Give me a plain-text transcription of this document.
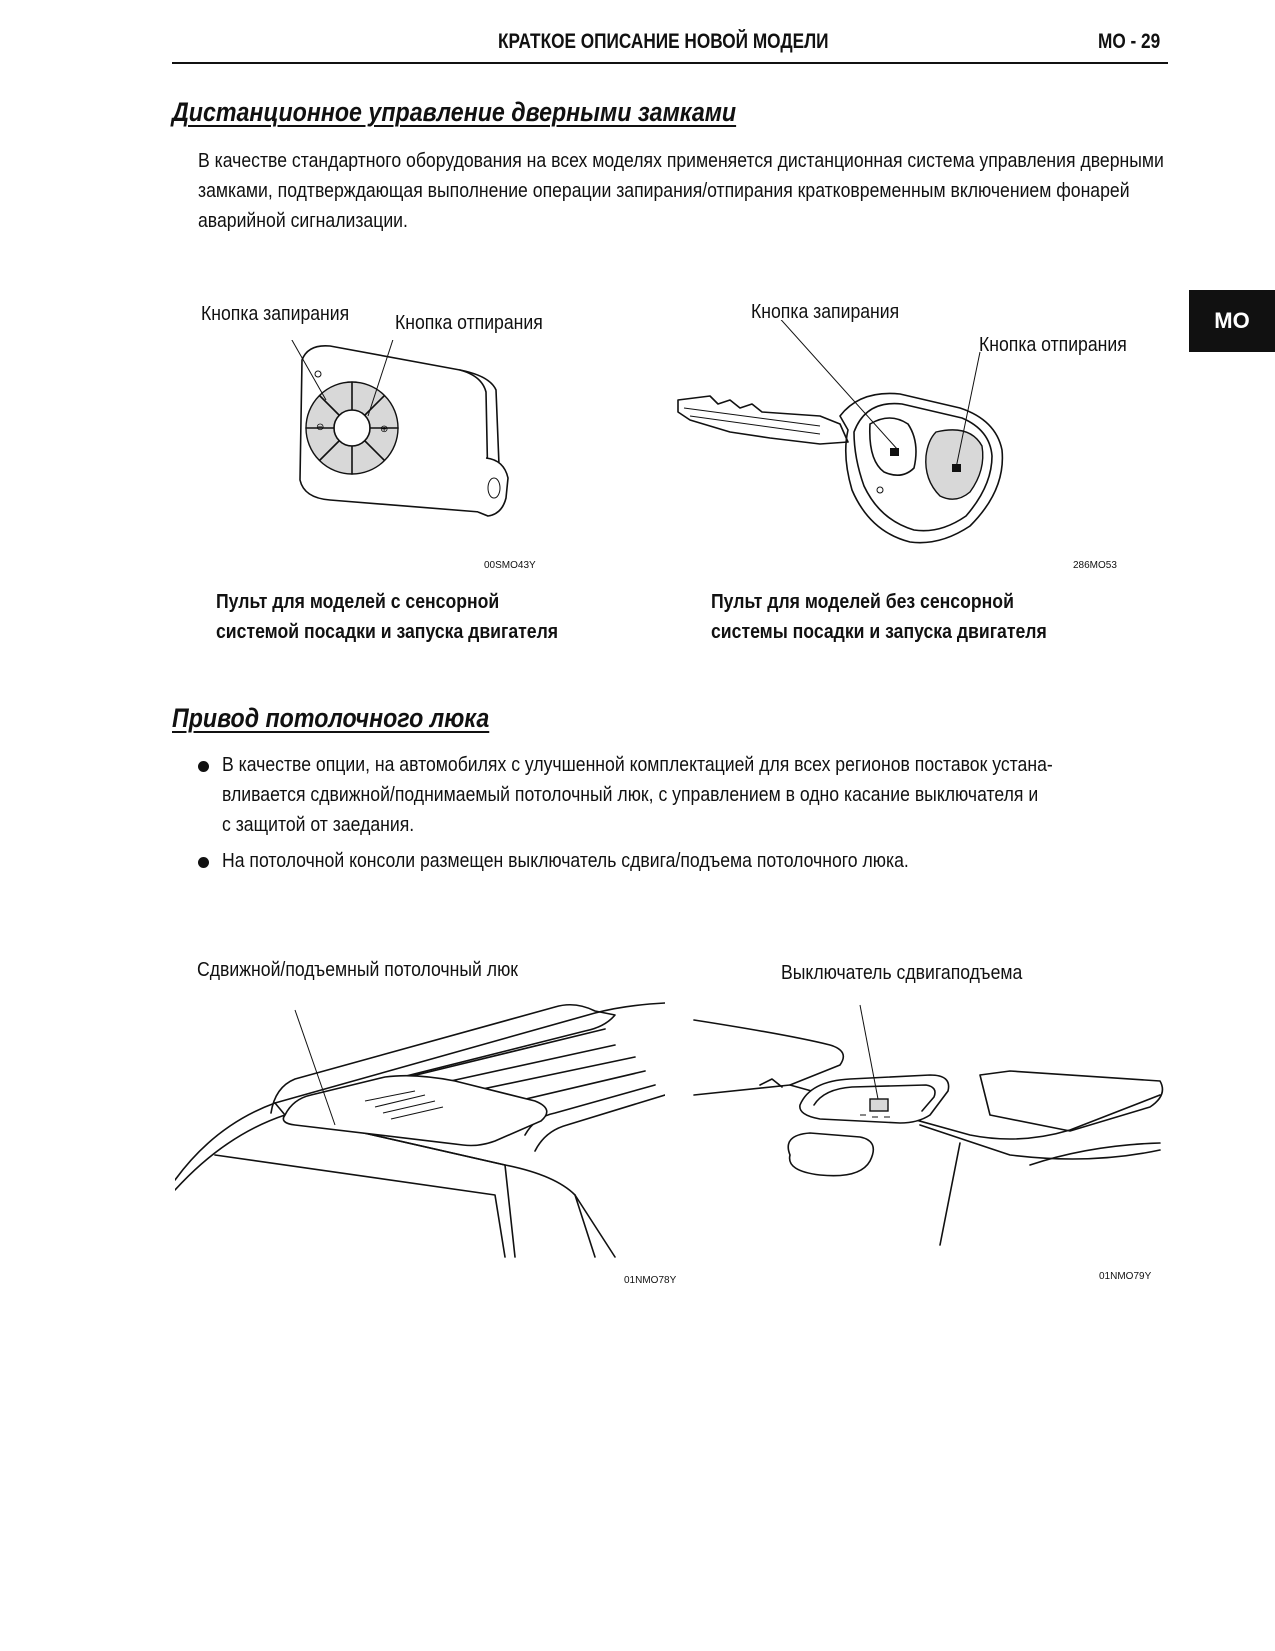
КРАТКОЕ ОПИСАНИЕ НОВОЙ МОДЕЛИ	MO - 29
MO
Дистанционное управление дверными замками
В качестве стандартного оборудования на всех моделях применяется дистанционная система управления дверными замками, подтверждающая выполнение операции запирания/отпирания кратковременным включением фонарей аварийной сигнализации.
Кнопка запирания Кнопка отпирания
⊖	⊕
00SMO43Y
Пульт для моделей с сенсорной
системой посадки и запуска двигателя
Кнопка запирания
Кнопка отпирания
286MO53
Пульт для моделей без сенсорной
системы посадки и запуска двигателя
Привод потолочного люка
В качестве опции, на автомобилях с улучшенной комплектацией для всех регионов поставок устана-
вливается сдвижной/поднимаемый потолочный люк, с управлением в одно касание выключателя и
с защитой от заедания.
На потолочной консоли размещен выключатель сдвига/подъема потолочного люка.
Сдвижной/подъемный потолочный люк
01NMO78Y
Выключатель сдвигаподъема
01NMO79Y
